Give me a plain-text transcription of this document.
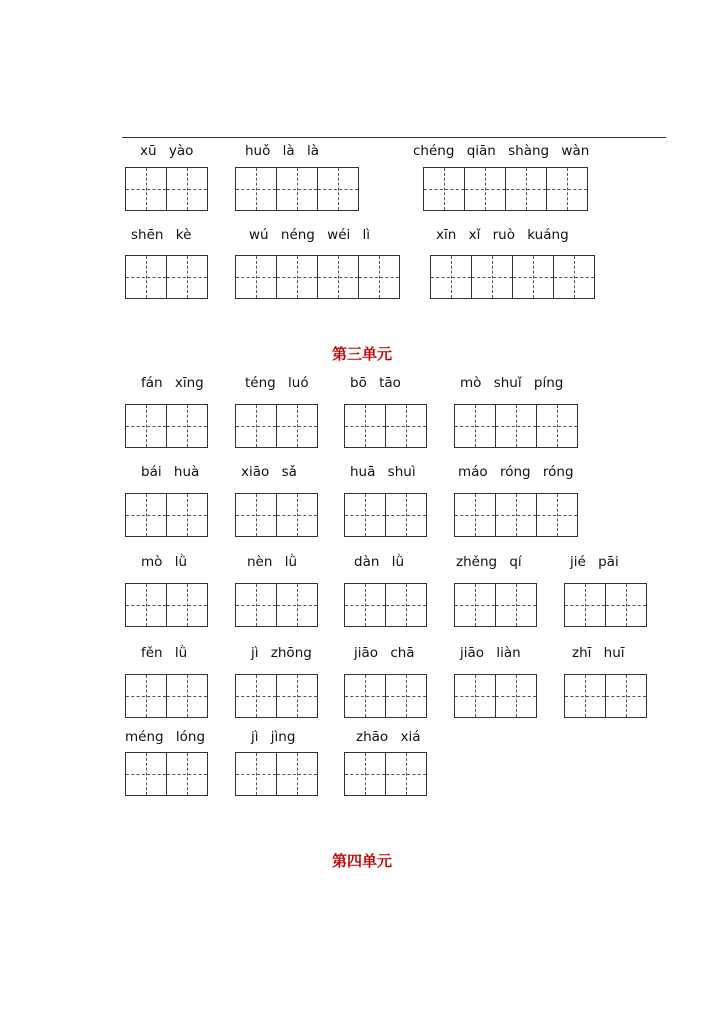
xū yào	huǒ là là	chéng qiān shàng wàn
shēn kè	wú néng wéi lì	xīn xǐ ruò kuáng
第三单元
fán xīng	téng luó	bō tāo	mò shuǐ píng
bái huà	xiāo sǎ	huā shuì	máo róng róng
mò lǜ	nèn lǜ	dàn lǜ	zhěng qí	jié pāi
fěn lǜ	jì zhōng	jiāo chā	jiāo liàn	zhī huī
méng lóng	jì jìng	zhāo xiá
第四单元
